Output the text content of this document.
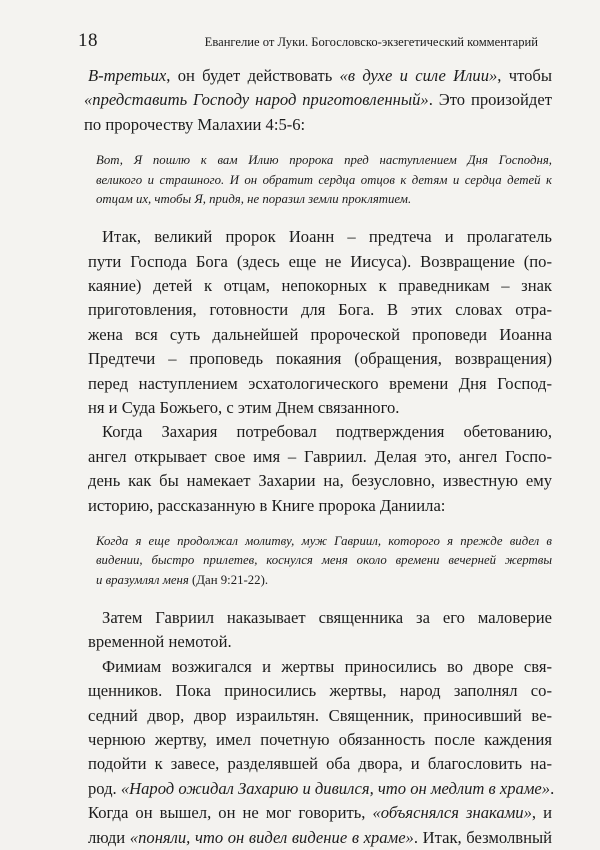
18	Евангелие от Луки. Богословско-экзегетический комментарий

В-третьих, он будет действовать «в духе и силе Илии», чтобы
«представить Господу народ приготовленный». Это произойдет
по пророчеству Малахии 4:5-6:

Вот, Я пошлю к вам Илию пророка пред наступлением Дня Господня,
великого и страшного. И он обратит сердца отцов к детям и сердца детей к
отцам их, чтобы Я, придя, не поразил земли проклятием.

Итак, великий пророк Иоанн – предтеча и пролагатель
пути Господа Бога (здесь еще не Иисуса). Возвращение (по-
каяние) детей к отцам, непокорных к праведникам – знак
приготовления, готовности для Бога. В этих словах отра-
жена вся суть дальнейшей пророческой проповеди Иоанна
Предтечи – проповедь покаяния (обращения, возвращения)
перед наступлением эсхатологического времени Дня Господ-
ня и Суда Божьего, с этим Днем связанного.

Когда Захария потребовал подтверждения обетованию,
ангел открывает свое имя – Гавриил. Делая это, ангел Госпо-
день как бы намекает Захарии на, безусловно, известную ему
историю, рассказанную в Книге пророка Даниила:

Когда я еще продолжал молитву, муж Гавриил, которого я прежде видел в
видении, быстро прилетев, коснулся меня около времени вечерней жертвы
и вразумлял меня (Дан 9:21-22).

Затем Гавриил наказывает священника за его маловерие
временной немотой.

Фимиам возжигался и жертвы приносились во дворе свя-
щенников. Пока приносились жертвы, народ заполнял со-
седний двор, двор израильтян. Священник, приносивший ве-
чернюю жертву, имел почетную обязанность после каждения
подойти к завесе, разделявшей оба двора, и благословить на-
род. «Народ ожидал Захарию и дивился, что он медлит в храме».
Когда он вышел, он не мог говорить, «объяснялся знаками», и
люди «поняли, что он видел видение в храме». Итак, безмолвный
